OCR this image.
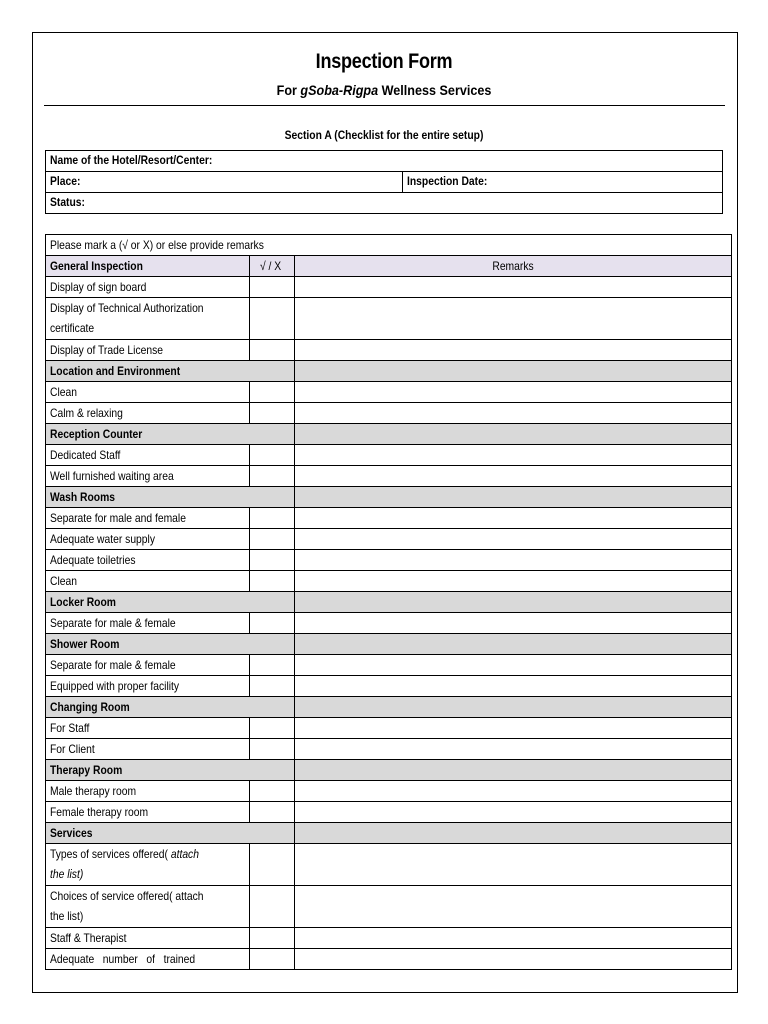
Inspection Form
For gSoba-Rigpa Wellness Services
Section A (Checklist for the entire setup)
Name of the Hotel/Resort/Center:
Place:	Inspection Date:
Status:
Please mark a (√ or X) or else provide remarks		
General Inspection	√ / X	Remarks
Display of sign board		

Display of Technical Authorization
certificate		

Display of Trade License		
Location and Environment		
Clean		
Calm & relaxing		
Reception Counter		
Dedicated Staff		
Well furnished waiting area		
Wash Rooms		
Separate for male and female		
Adequate water supply		
Adequate toiletries		
Clean		
Locker Room		
Separate for male & female		
Shower Room		
Separate for male & female		
Equipped with proper facility		
Changing Room		
For Staff		
For Client		
Therapy Room		
Male therapy room		
Female therapy room		
Services		

Types of services offered( attach
the list)		

Choices of service offered( attach
the list)		

Staff & Therapist		
Adequate   number   of   trained		
